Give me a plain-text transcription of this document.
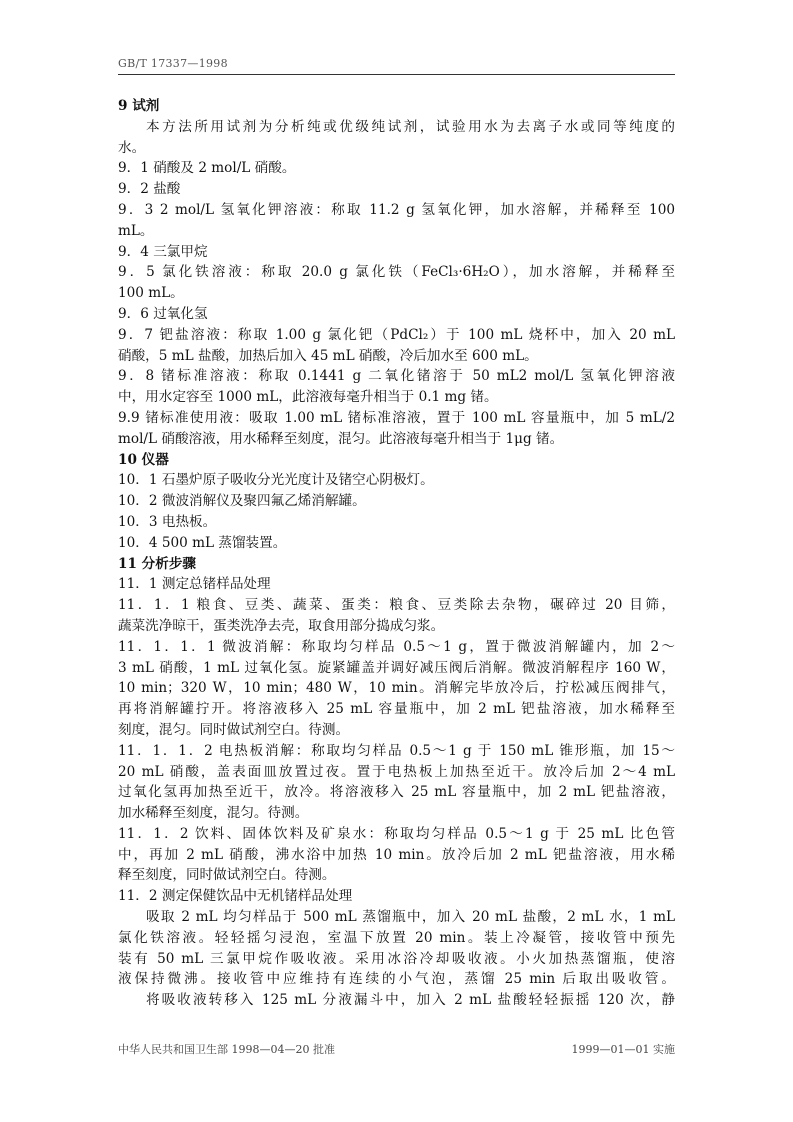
GB/T 17337—1998
9 试剂
本方法所用试剂为分析纯或优级纯试剂，试验用水为去离子水或同等纯度的
水。
9．1 硝酸及 2 mol/L 硝酸。
9．2 盐酸
9．3 2 mol/L 氢氧化钾溶液：称取 11.2 g 氢氧化钾，加水溶解，并稀释至 100
mL。
9．4 三氯甲烷
9．5 氯化铁溶液：称取 20.0 g 氯化铁（FeCl₃·6H₂O），加水溶解，并稀释至
100 mL。
9．6 过氧化氢
9．7 钯盐溶液：称取 1.00 g 氯化钯（PdCl₂）于 100 mL 烧杯中，加入 20 mL
硝酸，5 mL 盐酸，加热后加入 45 mL 硝酸，冷后加水至 600 mL。
9．8 锗标准溶液：称取 0.1441 g 二氧化锗溶于 50 mL2 mol/L 氢氧化钾溶液
中，用水定容至 1000 mL，此溶液每毫升相当于 0.1 mg 锗。
9.9 锗标准使用液：吸取 1.00 mL 锗标准溶液，置于 100 mL 容量瓶中，加 5 mL/2
mol/L 硝酸溶液，用水稀释至刻度，混匀。此溶液每毫升相当于 1μg 锗。
10 仪器
10．1 石墨炉原子吸收分光光度计及锗空心阴极灯。
10．2 微波消解仪及聚四氟乙烯消解罐。
10．3 电热板。
10．4 500 mL 蒸馏装置。
11 分析步骤
11．1 测定总锗样品处理
11．1．1 粮食、豆类、蔬菜、蛋类：粮食、豆类除去杂物，碾碎过 20 目筛，
蔬菜洗净晾干，蛋类洗净去壳，取食用部分捣成匀浆。
11．1．1．1 微波消解：称取均匀样品 0.5～1 g，置于微波消解罐内，加 2～
3 mL 硝酸，1 mL 过氧化氢。旋紧罐盖并调好减压阀后消解。微波消解程序 160 W，
10 min；320 W，10 min；480 W，10 min。消解完毕放冷后，拧松减压阀排气，
再将消解罐拧开。将溶液移入 25 mL 容量瓶中，加 2 mL 钯盐溶液，加水稀释至
刻度，混匀。同时做试剂空白。待测。
11．1．1．2 电热板消解：称取均匀样品 0.5～1 g 于 150 mL 锥形瓶，加 15～
20 mL 硝酸，盖表面皿放置过夜。置于电热板上加热至近干。放冷后加 2～4 mL
过氧化氢再加热至近干，放冷。将溶液移入 25 mL 容量瓶中，加 2 mL 钯盐溶液，
加水稀释至刻度，混匀。待测。
11．1．2 饮料、固体饮料及矿泉水：称取均匀样品 0.5～1 g 于 25 mL 比色管
中，再加 2 mL 硝酸，沸水浴中加热 10 min。放冷后加 2 mL 钯盐溶液，用水稀
释至刻度，同时做试剂空白。待测。
11．2 测定保健饮品中无机锗样品处理
吸取 2 mL 均匀样品于 500 mL 蒸馏瓶中，加入 20 mL 盐酸，2 mL 水，1 mL
氯化铁溶液。轻轻摇匀浸泡，室温下放置 20 min。装上冷凝管，接收管中预先
装有 50 mL 三氯甲烷作吸收液。采用冰浴冷却吸收液。小火加热蒸馏瓶，使溶
液保持微沸。接收管中应维持有连续的小气泡，蒸馏 25 min 后取出吸收管。
将吸收液转移入 125 mL 分液漏斗中，加入 2 mL 盐酸轻轻振摇 120 次，静
中华人民共和国卫生部 1998—04—20 批准	1999—01—01 实施
